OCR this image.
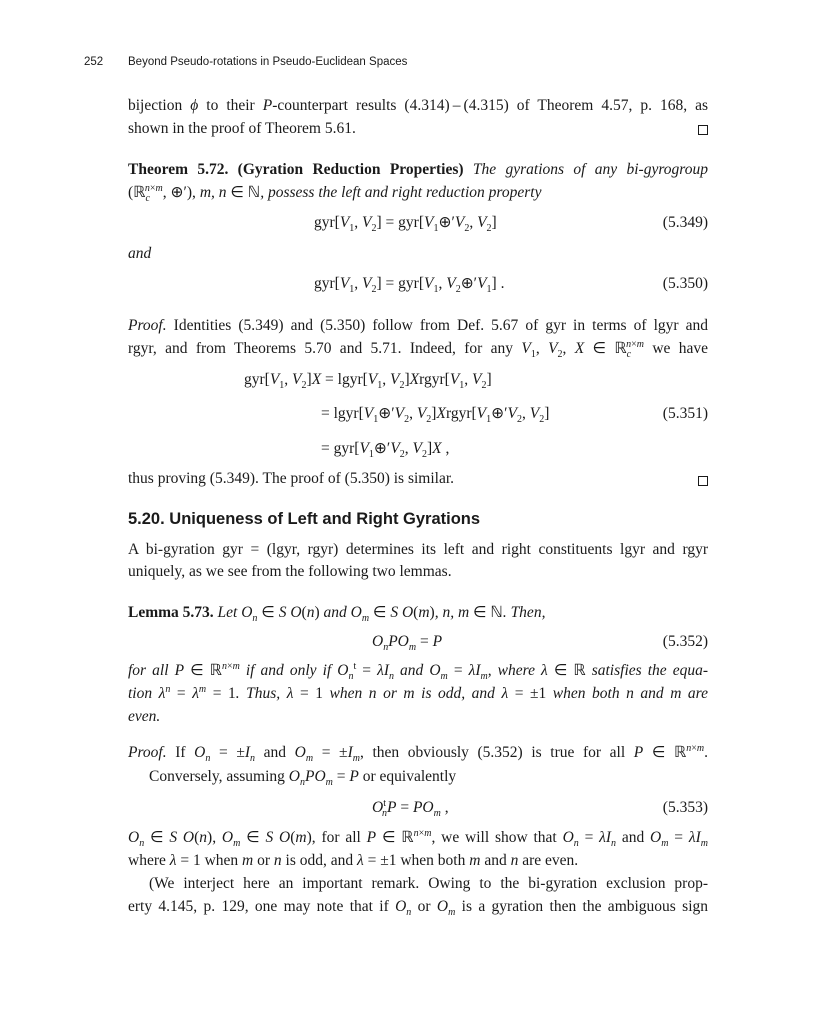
252 Beyond Pseudo-rotations in Pseudo-Euclidean Spaces
bijection ϕ to their P-counterpart results (4.314) – (4.315) of Theorem 4.57, p. 168, as
shown in the proof of Theorem 5.61.
Theorem 5.72. (Gyration Reduction Properties) The gyrations of any bi-gyrogroup
(ℝ$_c^{n\times m}$, ⊕′), m, n ∈ ℕ, possess the left and right reduction property
$gyr[V_1$, $V_2$] = $gyr[V_1\oplus'V_2$, $V_2$]	(5.349)
and
$gyr[V_1$, $V_2] = gyr[V_1$, $V_2\oplus'V_1$] .	(5.350)
Proof. Identities (5.349) and (5.350) follow from Def. 5.67 of gyr in terms of lgyr and
rgyr, and from Theorems 5.70 and 5.71. Indeed, for any $V_1$, $V_2$, X ∈ ℝ$_c^{n\times m}$ we have
$gyr[V_1$, $V_2]X$ = $lgyr[V_1$, $V_2]Xrgyr[V_1$, $V_2$]
= $lgyr[V_1\oplus'V_2$, $V_2]Xrgyr[V_1\oplus'V_2$, $V_2$]	(5.351)
= $gyr[V_1\oplus'V_2$, $V_2]X$ ,
thus proving (5.349). The proof of (5.350) is similar.
5.20. Uniqueness of Left and Right Gyrations
A bi-gyration gyr = (lgyr, rgyr) determines its left and right constituents lgyr and rgyr
uniquely, as we see from the following two lemmas.
Lemma 5.73. Let $O_n$ ∈ S O(n) and $O_m$ ∈ S O(m), n, m ∈ ℕ. Then,
$O_nPO_m = P$	(5.352)
for all P ∈ ℝ$^{n\times m}$ if and only if $O_n^t = \lambda I_n$ and $O_m = \lambda I_m$, where λ ∈ ℝ satisfies the equa-
tion $\lambda^n = \lambda^m = 1$. Thus, λ = 1 when n or m is odd, and λ = ±1 when both n and m are
even.
Proof. If $O_n = \pm I_n$ and $O_m = \pm I_m$, then obviously (5.352) is true for all P ∈ ℝ$^{n\times m}$.
Conversely, assuming $O_nPO_m = P$ or equivalently
$O^t_nP = PO_m$ ,	(5.353)
$O_n$ ∈ S O(n), $O_m$ ∈ S O(m), for all P ∈ ℝ$^{n\times m}$, we will show that $O_n = \lambda I_n$ and $O_m = \lambda I_m$
where λ = 1 when m or n is odd, and λ = ±1 when both m and n are even.
(We interject here an important remark. Owing to the bi-gyration exclusion prop-
erty 4.145, p. 129, one may note that if $O_n$ or $O_m$ is a gyration then the ambiguous sign
